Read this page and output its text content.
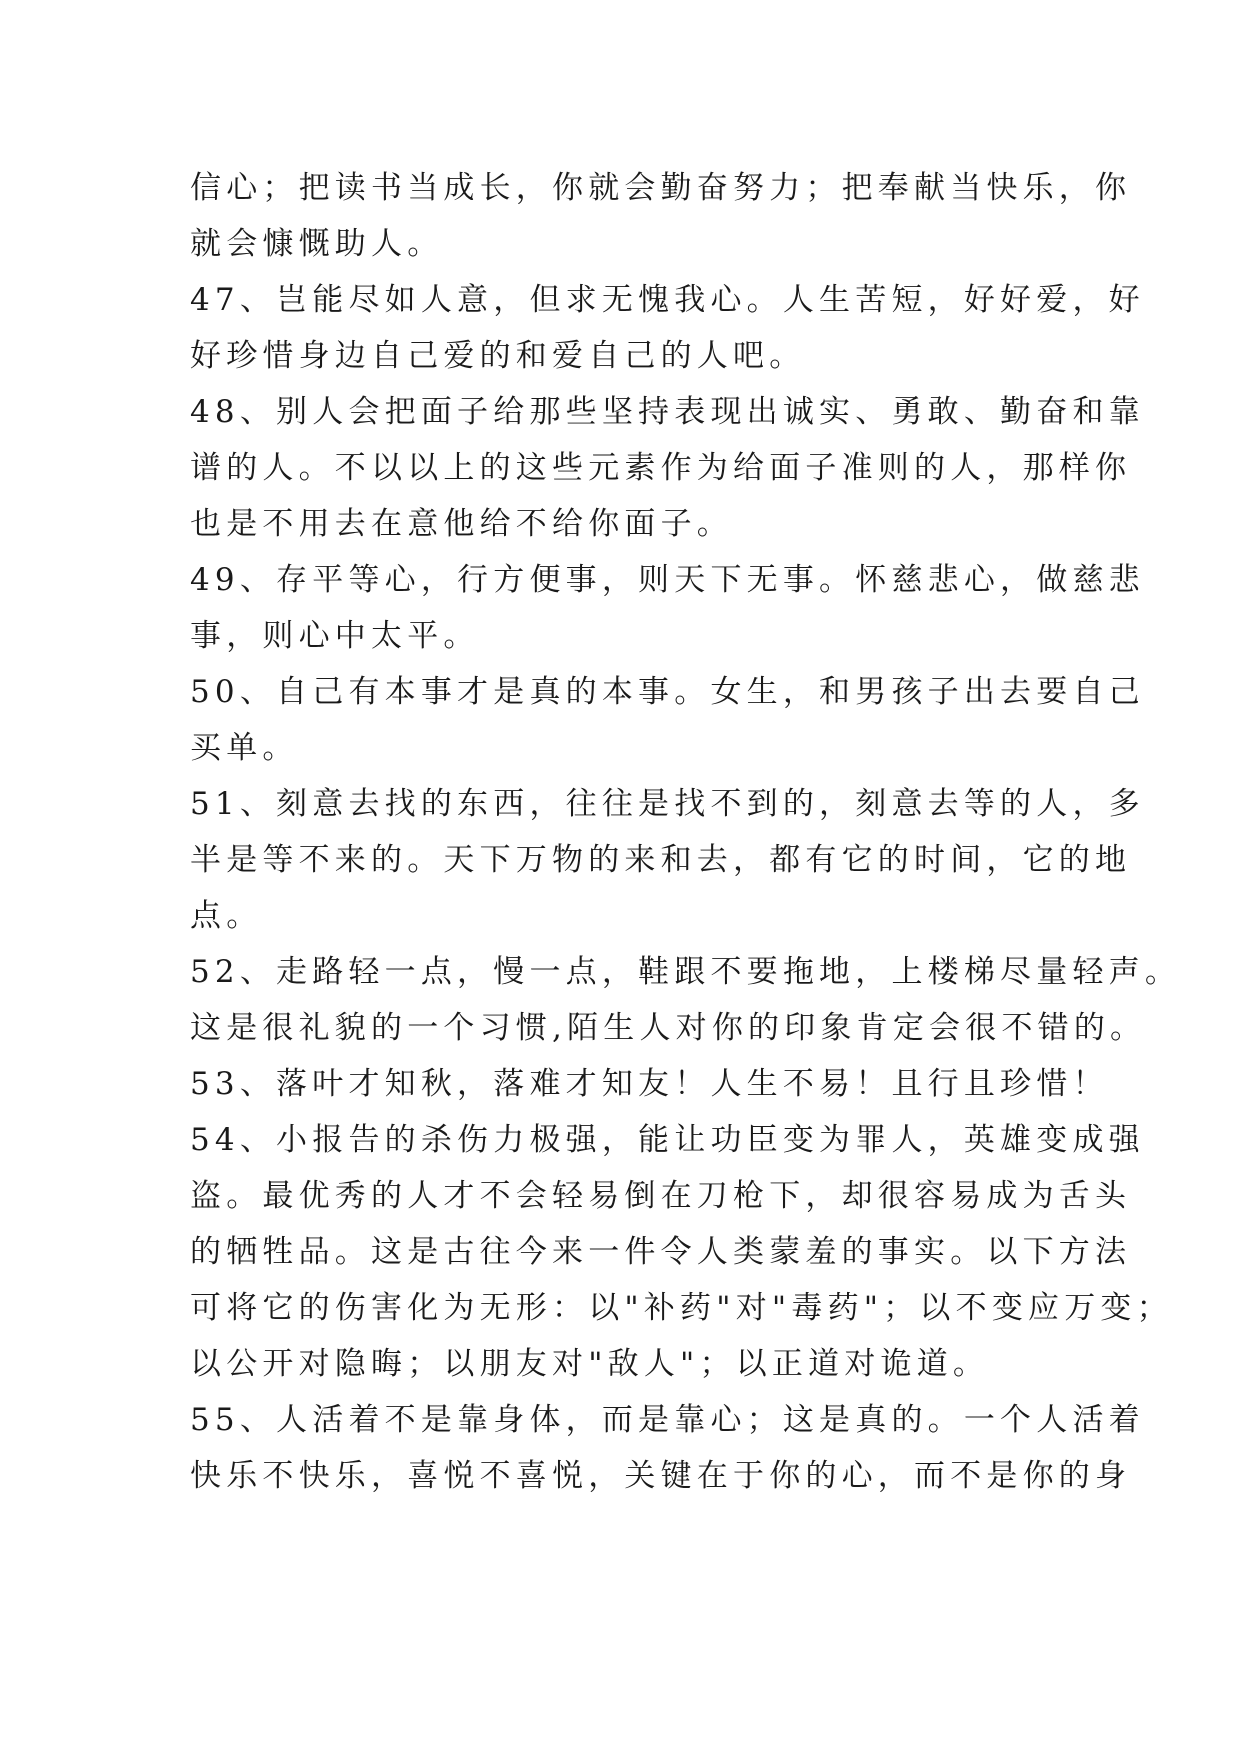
信心；把读书当成长，你就会勤奋努力；把奉献当快乐，你
就会慷慨助人。
47、岂能尽如人意，但求无愧我心。人生苦短，好好爱，好
好珍惜身边自己爱的和爱自己的人吧。
48、别人会把面子给那些坚持表现出诚实、勇敢、勤奋和靠
谱的人。不以以上的这些元素作为给面子准则的人，那样你
也是不用去在意他给不给你面子。
49、存平等心，行方便事，则天下无事。怀慈悲心，做慈悲
事，则心中太平。
50、自己有本事才是真的本事。女生，和男孩子出去要自己
买单。
51、刻意去找的东西，往往是找不到的，刻意去等的人，多
半是等不来的。天下万物的来和去，都有它的时间，它的地
点。
52、走路轻一点，慢一点，鞋跟不要拖地，上楼梯尽量轻声。
这是很礼貌的一个习惯,陌生人对你的印象肯定会很不错的。
53、落叶才知秋，落难才知友！人生不易！且行且珍惜！
54、小报告的杀伤力极强，能让功臣变为罪人，英雄变成强
盗。最优秀的人才不会轻易倒在刀枪下，却很容易成为舌头
的牺牲品。这是古往今来一件令人类蒙羞的事实。以下方法
可将它的伤害化为无形：以"补药"对"毒药"；以不变应万变；
以公开对隐晦；以朋友对"敌人"；以正道对诡道。
55、人活着不是靠身体，而是靠心；这是真的。一个人活着
快乐不快乐，喜悦不喜悦，关键在于你的心，而不是你的身
